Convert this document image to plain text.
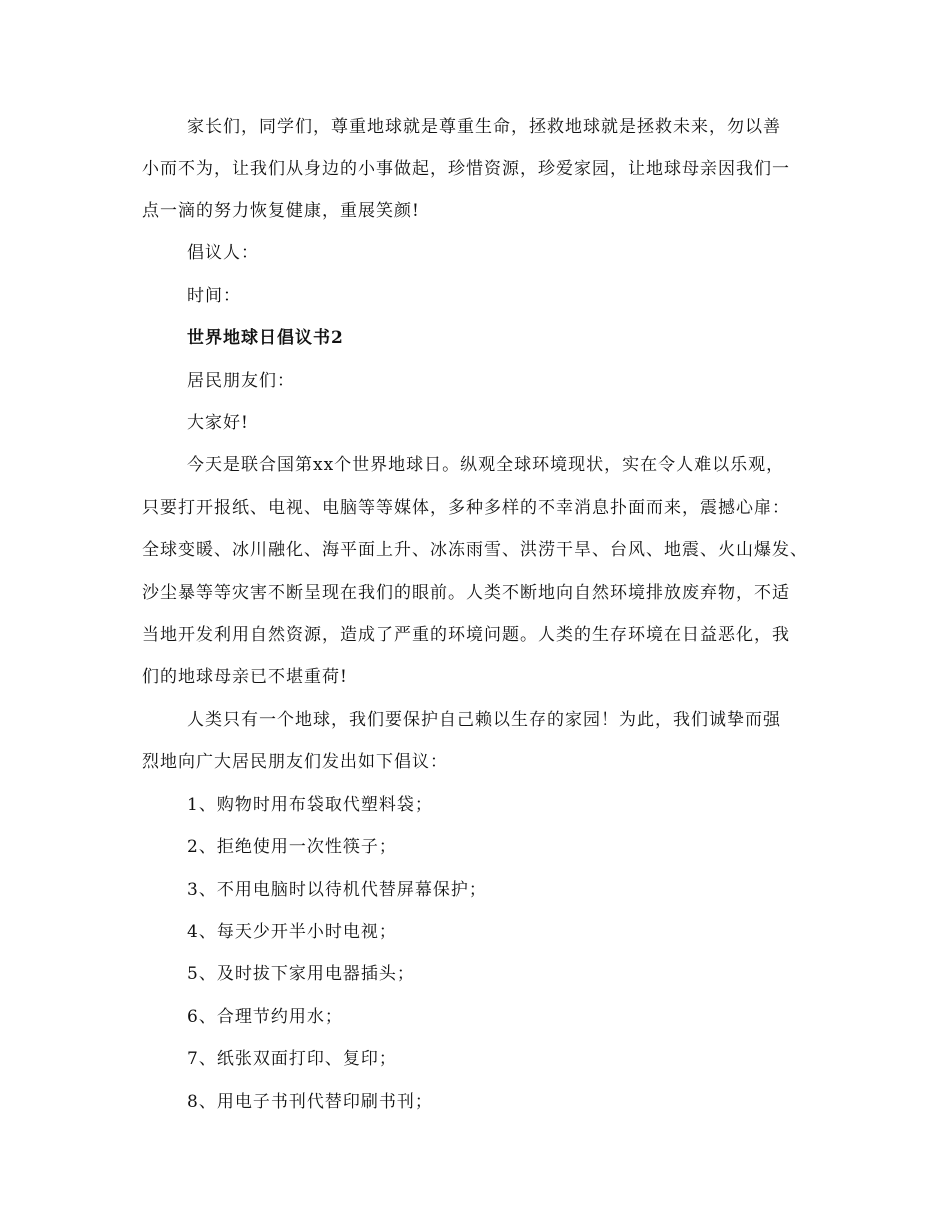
家长们，同学们，尊重地球就是尊重生命，拯救地球就是拯救未来，勿以善
小而不为，让我们从身边的小事做起，珍惜资源，珍爱家园，让地球母亲因我们一
点一滴的努力恢复健康，重展笑颜!
倡议人：
时间：
世界地球日倡议书2
居民朋友们：
大家好!
今天是联合国第xx个世界地球日。纵观全球环境现状，实在令人难以乐观，
只要打开报纸、电视、电脑等等媒体，多种多样的不幸消息扑面而来，震撼心扉：
全球变暖、冰川融化、海平面上升、冰冻雨雪、洪涝干旱、台风、地震、火山爆发、
沙尘暴等等灾害不断呈现在我们的眼前。人类不断地向自然环境排放废弃物，不适
当地开发利用自然资源，造成了严重的环境问题。人类的生存环境在日益恶化，我
们的地球母亲已不堪重荷!
人类只有一个地球，我们要保护自己赖以生存的家园！为此，我们诚挚而强
烈地向广大居民朋友们发出如下倡议：
1、购物时用布袋取代塑料袋；
2、拒绝使用一次性筷子；
3、不用电脑时以待机代替屏幕保护；
4、每天少开半小时电视；
5、及时拔下家用电器插头；
6、合理节约用水；
7、纸张双面打印、复印；
8、用电子书刊代替印刷书刊；
